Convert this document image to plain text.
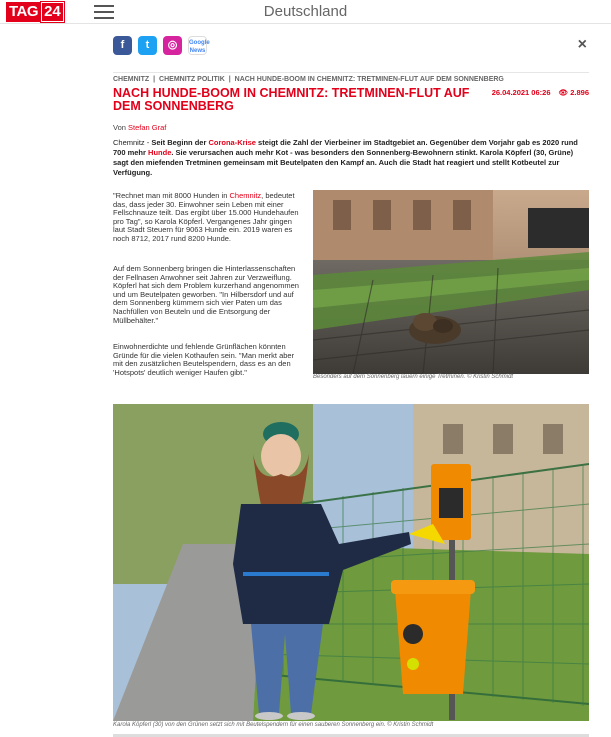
TAG 24	Deutschland
f	t	◎	Google News	×
CHEMNITZ | CHEMNITZ POLITIK | NACH HUNDE-BOOM IN CHEMNITZ: TRETMINEN-FLUT AUF DEM SONNENBERG
NACH HUNDE-BOOM IN CHEMNITZ: TRETMINEN-FLUT AUF DEM SONNENBERG
26.04.2021 06:26 👁 2.896
Von Stefan Graf

Chemnitz - Seit Beginn der Corona-Krise steigt die Zahl der Vierbeiner im Stadtgebiet an. Gegenüber dem Vorjahr gab es 2020 rund 700 mehr Hunde. Sie verursachen auch mehr Kot - was besonders den Sonnenberg-Bewohnern stinkt. Karola Köpferl (30, Grüne) sagt den miefenden Tretminen gemeinsam mit Beutelpaten den Kampf an. Auch die Stadt hat reagiert und stellt Kotbeutel zur Verfügung.

"Rechnet man mit 8000 Hunden in Chemnitz, bedeutet das, dass jeder 30. Einwohner sein Leben mit einer Fellschnauze teilt. Das ergibt über 15.000 Hundehaufen pro Tag", so Karola Köpferl. Vergangenes Jahr gingen laut Stadt Steuern für 9063 Hunde ein. 2019 waren es noch 8712, 2017 rund 8200 Hunde.

Auf dem Sonnenberg bringen die Hinterlassenschaften der Fellnasen Anwohner seit Jahren zur Verzweiflung. Köpferl hat sich dem Problem kurzerhand angenommen und um Beutelpaten geworben. "In Hilbersdorf und auf dem Sonnenberg kümmern sich vier Paten um das Nachfüllen von Beuteln und die Entsorgung der Müllbehälter."

Einwohnerdichte und fehlende Grünflächen könnten Gründe für die vielen Kothaufen sein. "Man merkt aber mit den zusätzlichen Beutelspendern, dass es an den 'Hotspots' deutlich weniger Haufen gibt."

Besonders auf dem Sonnenberg lauern einige Tretminen. © Kristin Schmidt
Karola Köpferl (30) von den Grünen setzt sich mit Beutelspendern für einen sauberen Sonnenberg ein. © Kristin Schmidt
